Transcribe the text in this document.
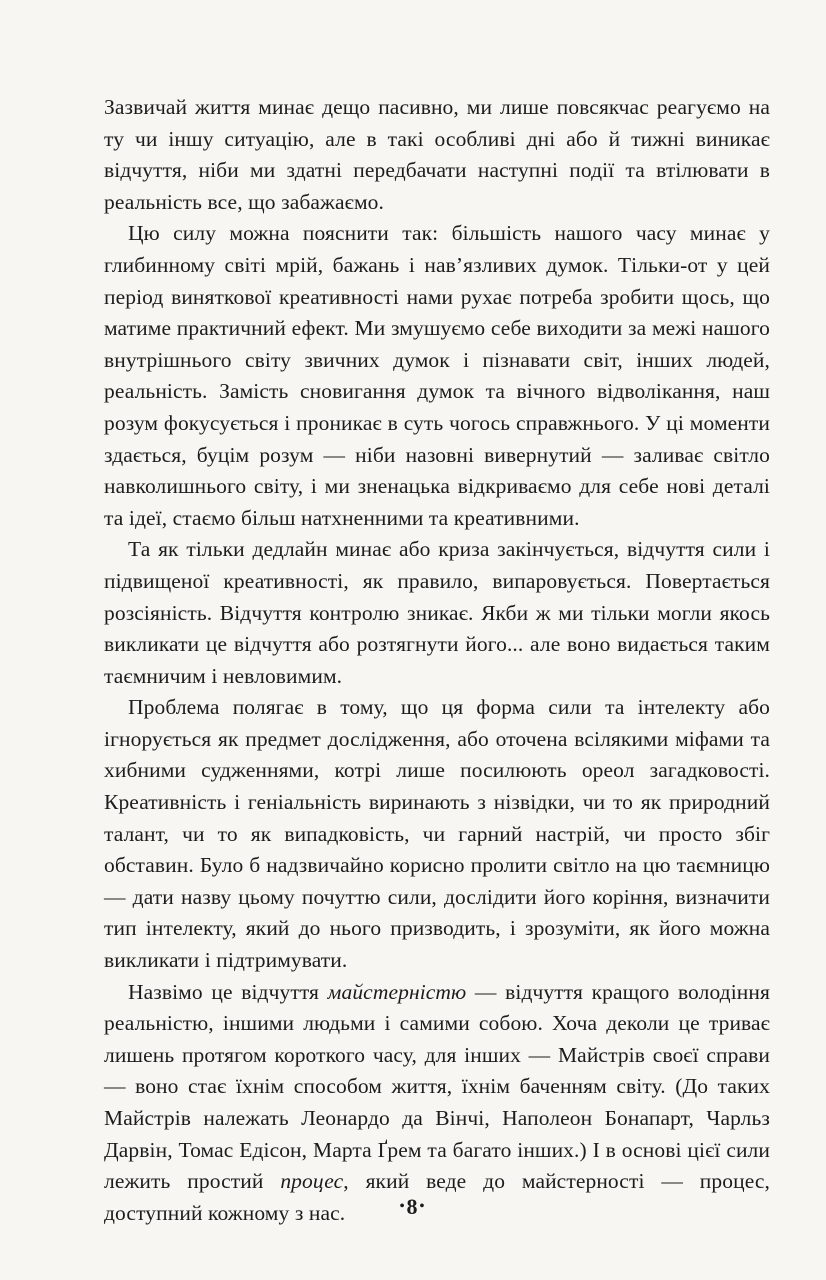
Зазвичай життя минає дещо пасивно, ми лише повсякчас реагуємо на ту чи іншу ситуацію, але в такі особливі дні або й тижні виникає відчуття, ніби ми здатні передбачати наступні події та втілювати в реальність все, що забажаємо.

Цю силу можна пояснити так: більшість нашого часу минає у глибинному світі мрій, бажань і нав’язливих думок. Тільки-от у цей період виняткової креативності нами рухає потреба зробити щось, що матиме практичний ефект. Ми змушуємо себе виходити за межі нашого внутрішнього світу звичних думок і пізнавати світ, інших людей, реальність. Замість сновигання думок та вічного відволікання, наш розум фокусується і проникає в суть чогось справжнього. У ці моменти здається, буцім розум — ніби назовні вивернутий — заливає світло навколишнього світу, і ми зненацька відкриваємо для себе нові деталі та ідеї, стаємо більш натхненними та креативними.

Та як тільки дедлайн минає або криза закінчується, відчуття сили і підвищеної креативності, як правило, випаровується. Повертається розсіяність. Відчуття контролю зникає. Якби ж ми тільки могли якось викликати це відчуття або розтягнути його... але воно видається таким таємничим і невловимим.

Проблема полягає в тому, що ця форма сили та інтелекту або ігнорується як предмет дослідження, або оточена всілякими міфами та хибними судженнями, котрі лише посилюють ореол загадковості. Креативність і геніальність виринають з нізвідки, чи то як природний талант, чи то як випадковість, чи гарний настрій, чи просто збіг обставин. Було б надзвичайно корисно пролити світло на цю таємницю — дати назву цьому почуттю сили, дослідити його коріння, визначити тип інтелекту, який до нього призводить, і зрозуміти, як його можна викликати і підтримувати.

Назвімо це відчуття майстерністю — відчуття кращого володіння реальністю, іншими людьми і самими собою. Хоча деколи це триває лишень протягом короткого часу, для інших — Майстрів своєї справи — воно стає їхнім способом життя, їхнім баченням світу. (До таких Майстрів належать Леонардо да Вінчі, Наполеон Бонапарт, Чарльз Дарвін, Томас Едісон, Марта Ґрем та багато інших.) І в основі цієї сили лежить простий процес, який веде до майстерності — процес, доступний кожному з нас.	•8•
